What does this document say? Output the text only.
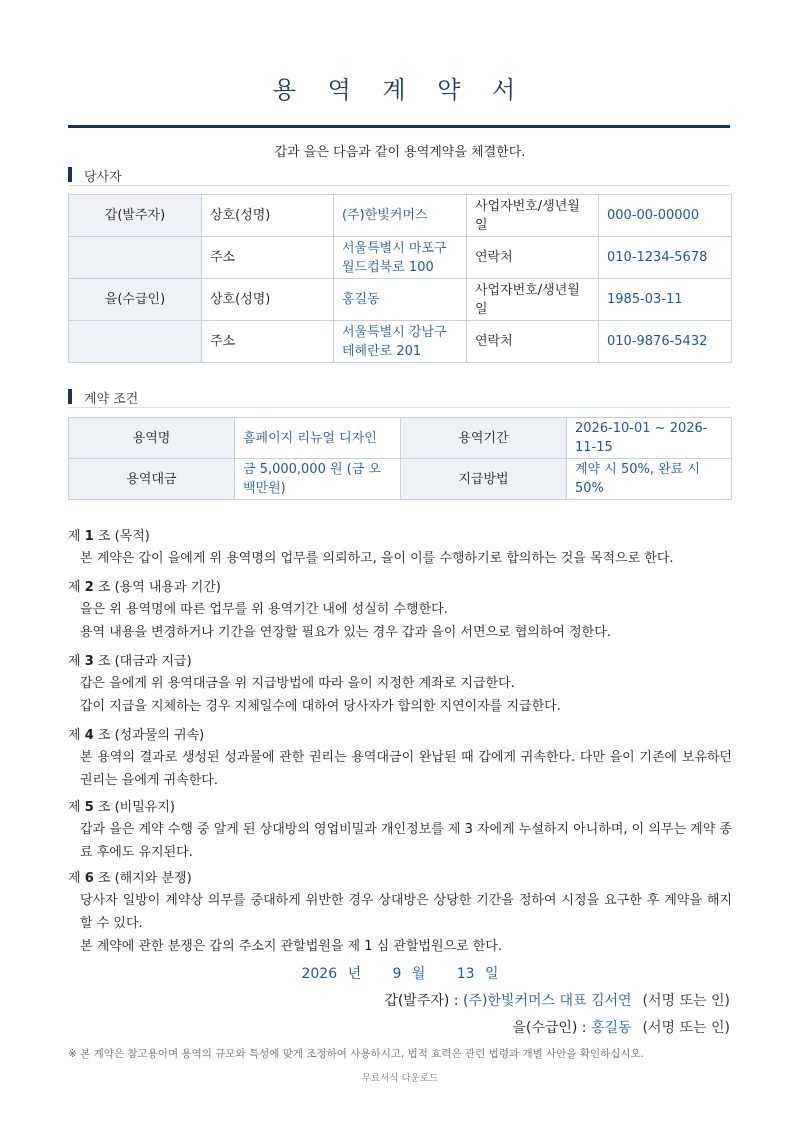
용 역 계 약 서
갑과 을은 다음과 같이 용역계약을 체결한다.
당사자
갑(발주자)	상호(성명)	(주)한빛커머스	사업자번호/생년월일	000-00-00000
	주소	서울특별시 마포구 월드컵북로 100	연락처	010-1234-5678
을(수급인)	상호(성명)	홍길동	사업자번호/생년월일	1985-03-11
	주소	서울특별시 강남구 테헤란로 201	연락처	010-9876-5432
계약 조건
용역명	홈페이지 리뉴얼 디자인	용역기간	2026-10-01 ~ 2026-11-15
용역대금	금 5,000,000 원 (금 오백만원)	지급방법	계약 시 50%, 완료 시 50%
제 1 조 (목적)
본 계약은 갑이 을에게 위 용역명의 업무를 의뢰하고, 을이 이를 수행하기로 합의하는 것을 목적으로 한다.
제 2 조 (용역 내용과 기간)
을은 위 용역명에 따른 업무를 위 용역기간 내에 성실히 수행한다.
용역 내용을 변경하거나 기간을 연장할 필요가 있는 경우 갑과 을이 서면으로 협의하여 정한다.
제 3 조 (대금과 지급)
갑은 을에게 위 용역대금을 위 지급방법에 따라 을이 지정한 계좌로 지급한다.
갑이 지급을 지체하는 경우 지체일수에 대하여 당사자가 합의한 지연이자를 지급한다.
제 4 조 (성과물의 귀속)
본 용역의 결과로 생성된 성과물에 관한 권리는 용역대금이 완납된 때 갑에게 귀속한다. 다만 을이 기존에 보유하던 권리는 을에게 귀속한다.
제 5 조 (비밀유지)
갑과 을은 계약 수행 중 알게 된 상대방의 영업비밀과 개인정보를 제 3 자에게 누설하지 아니하며, 이 의무는 계약 종료 후에도 유지된다.
제 6 조 (해지와 분쟁)
당사자 일방이 계약상 의무를 중대하게 위반한 경우 상대방은 상당한 기간을 정하여 시정을 요구한 후 계약을 해지할 수 있다.
본 계약에 관한 분쟁은 갑의 주소지 관할법원을 제 1 심 관할법원으로 한다.
2026 년 9 월 13 일
갑(발주자) : (주)한빛커머스 대표 김서연 (서명 또는 인)
을(수급인) : 홍길동 (서명 또는 인)
※ 본 계약은 참고용이며 용역의 규모와 특성에 맞게 조정하여 사용하시고, 법적 효력은 관련 법령과 개별 사안을 확인하십시오.
무료서식 다운로드
